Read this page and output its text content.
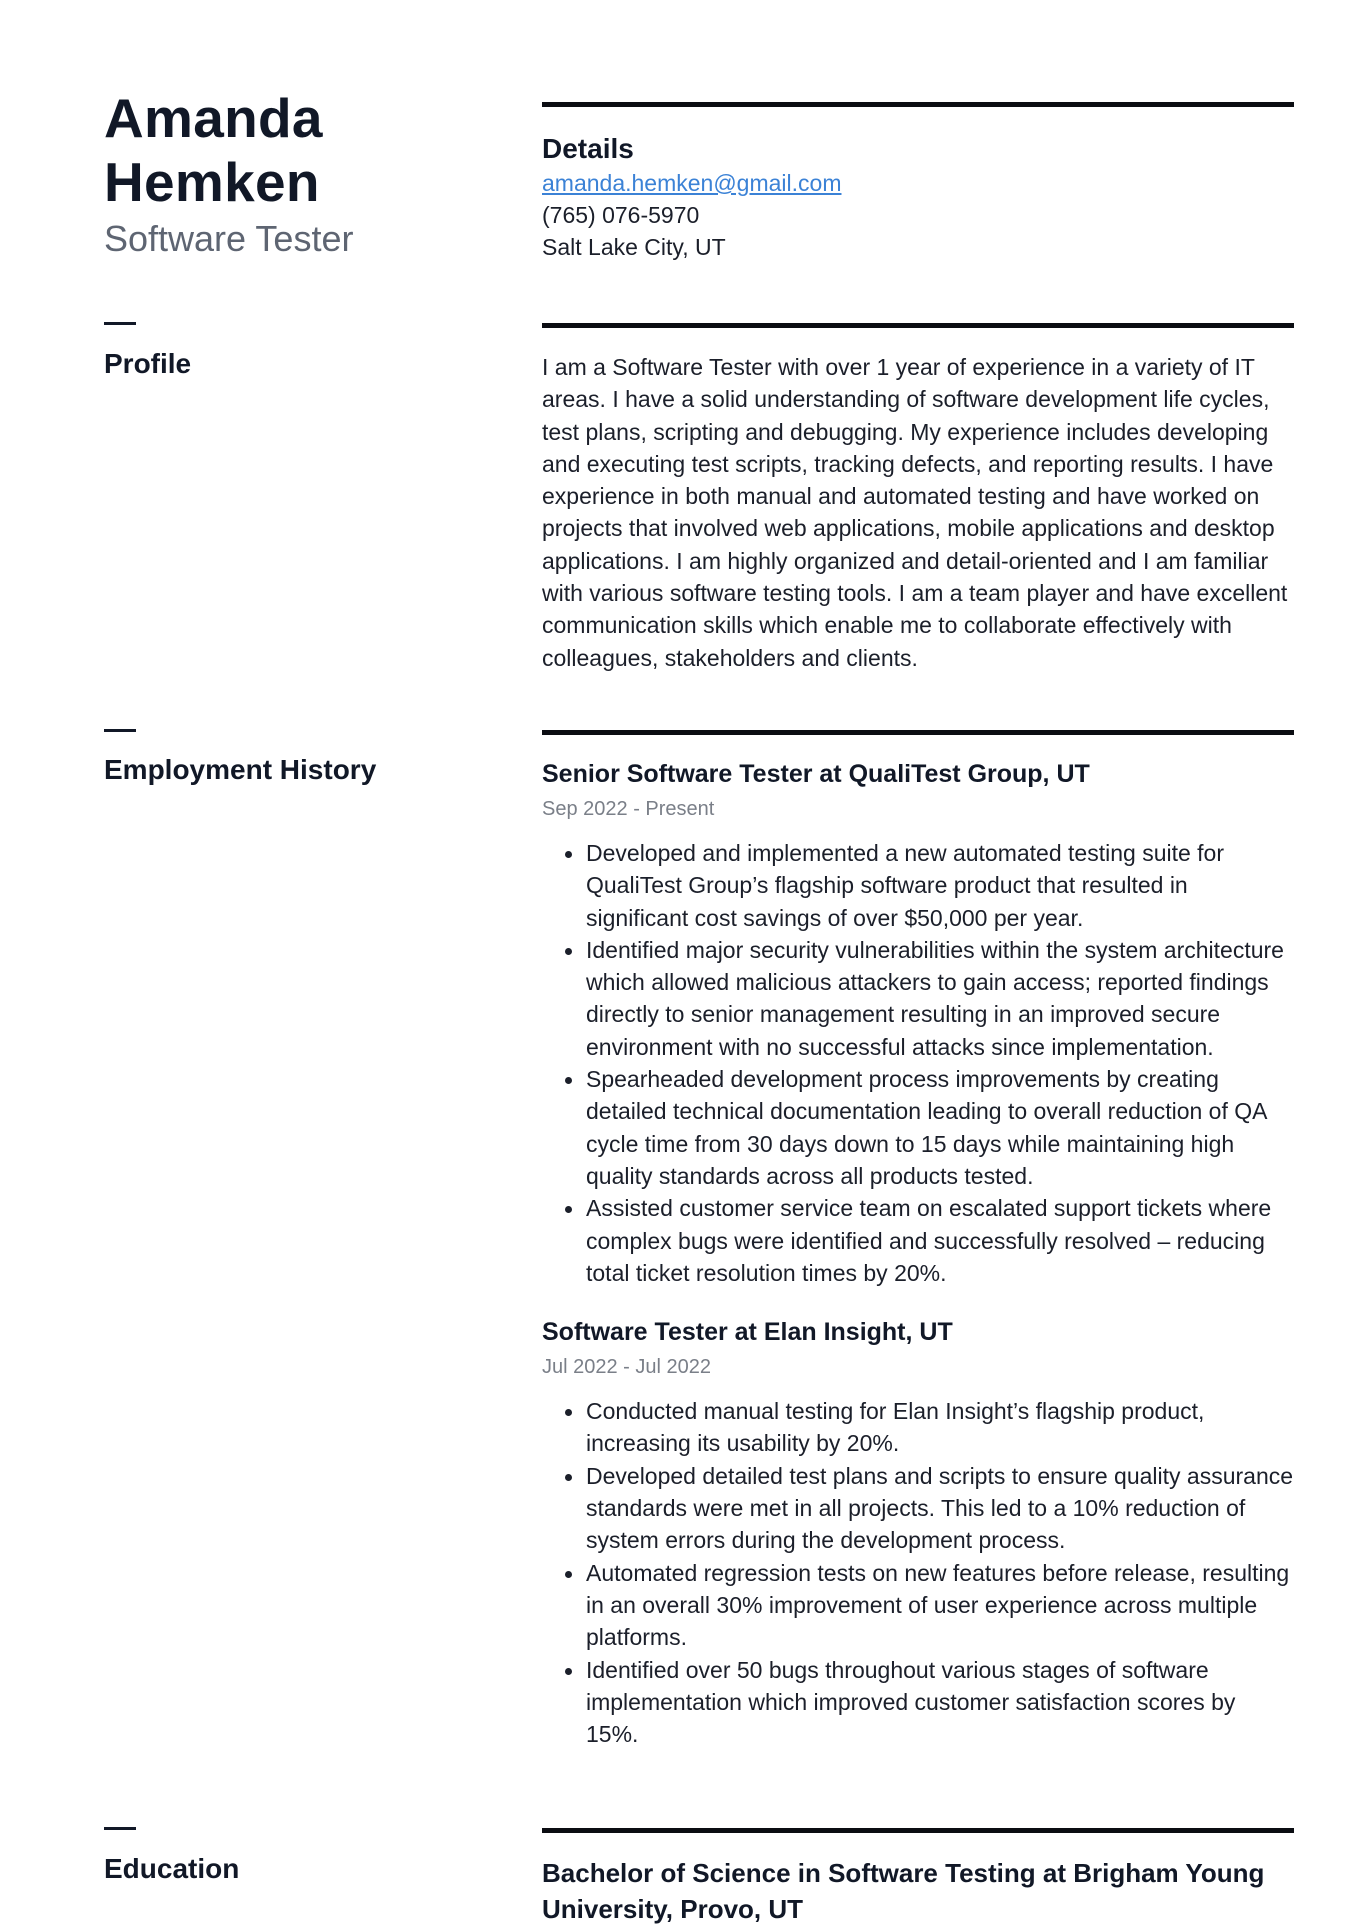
Amanda
Hemken
Software Tester
Details
amanda.hemken@gmail.com
(765) 076-5970
Salt Lake City, UT
Profile	I am a Software Tester with over 1 year of experience in a variety of IT areas. I have a solid understanding of software development life cycles, test plans, scripting and debugging. My experience includes developing and executing test scripts, tracking defects, and reporting results. I have experience in both manual and automated testing and have worked on projects that involved web applications, mobile applications and desktop applications. I am highly organized and detail-oriented and I am familiar with various software testing tools. I am a team player and have excellent communication skills which enable me to collaborate effectively with colleagues, stakeholders and clients.
Employment History	Senior Software Tester at QualiTest Group, UT
Sep 2022 - Present
Developed and implemented a new automated testing suite for QualiTest Group’s flagship software product that resulted in significant cost savings of over $50,000 per year.
Identified major security vulnerabilities within the system architecture which allowed malicious attackers to gain access; reported findings directly to senior management resulting in an improved secure environment with no successful attacks since implementation.
Spearheaded development process improvements by creating detailed technical documentation leading to overall reduction of QA cycle time from 30 days down to 15 days while maintaining high quality standards across all products tested.
Assisted customer service team on escalated support tickets where complex bugs were identified and successfully resolved – reducing total ticket resolution times by 20%.
Software Tester at Elan Insight, UT
Jul 2022 - Jul 2022
Conducted manual testing for Elan Insight’s flagship product, increasing its usability by 20%.
Developed detailed test plans and scripts to ensure quality assurance standards were met in all projects. This led to a 10% reduction of system errors during the development process.
Automated regression tests on new features before release, resulting in an overall 30% improvement of user experience across multiple platforms.
Identified over 50 bugs throughout various stages of software implementation which improved customer satisfaction scores by 15%.
Education	Bachelor of Science in Software Testing at Brigham Young University, Provo, UT
